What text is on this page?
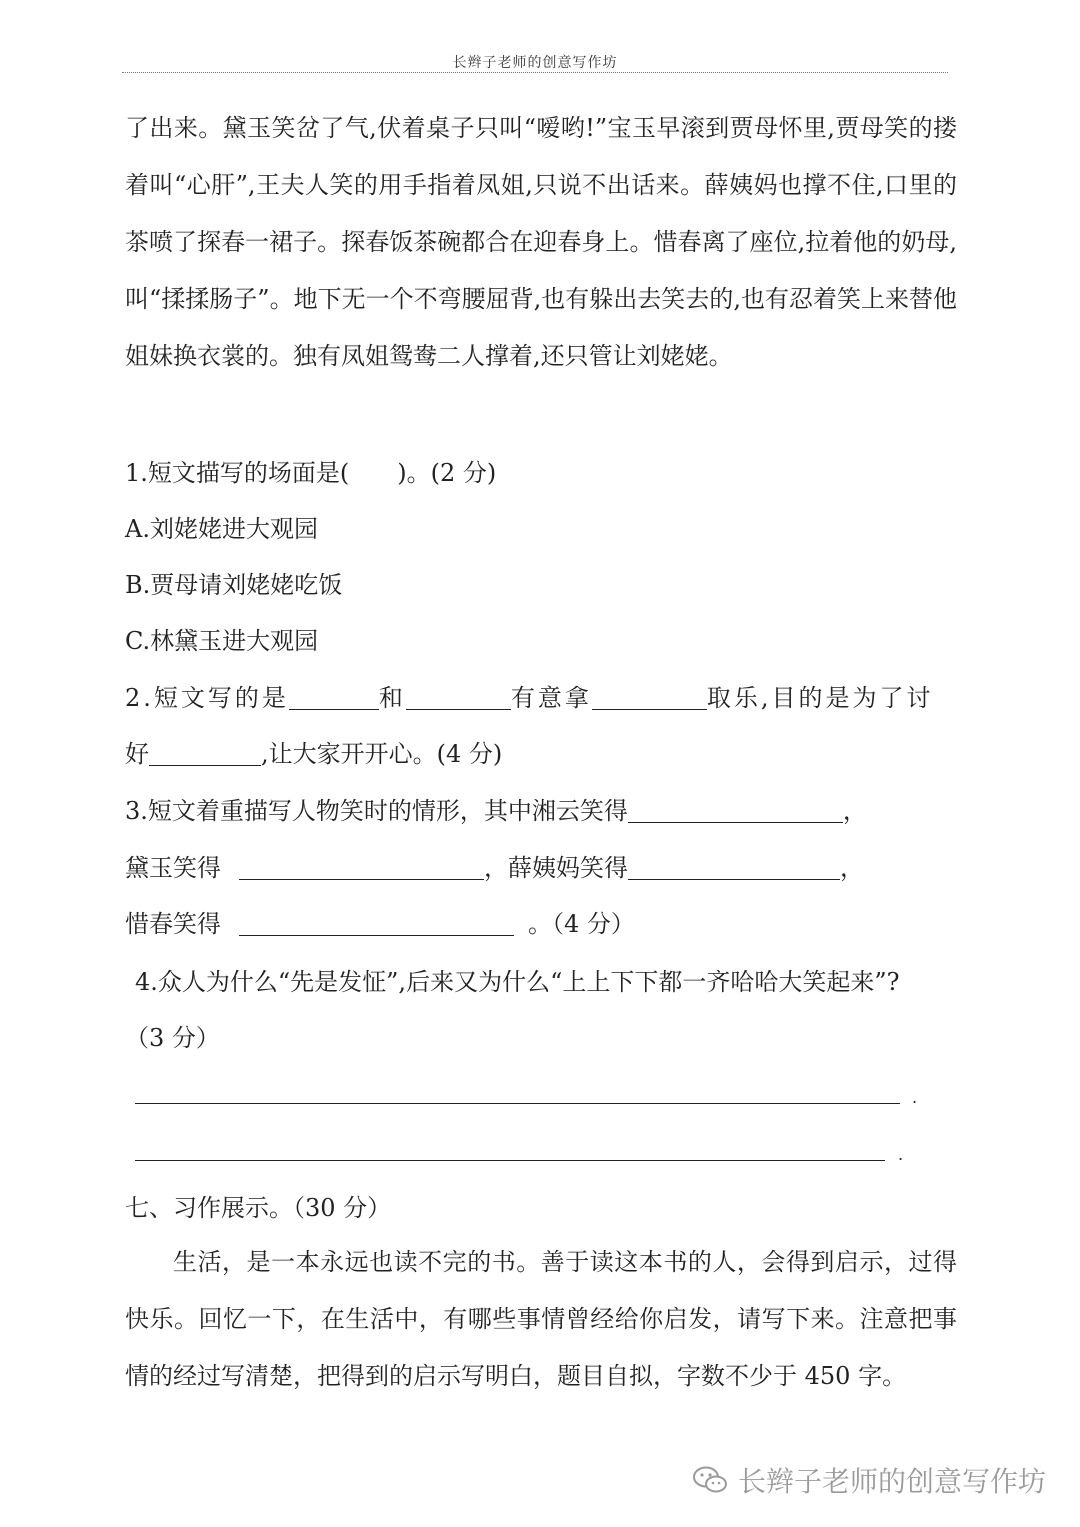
长辫子老师的创意写作坊

了出来。黛玉笑岔了气,伏着桌子只叫“嗳哟!”宝玉早滚到贾母怀里,贾母笑的搂着叫“心肝”,王夫人笑的用手指着凤姐,只说不出话来。薛姨妈也撑不住,口里的茶喷了探春一裙子。探春饭茶碗都合在迎春身上。惜春离了座位,拉着他的奶母,叫“揉揉肠子”。地下无一个不弯腰屈背,也有躲出去笑去的,也有忍着笑上来替他姐妹换衣裳的。独有凤姐鸳鸯二人撑着,还只管让刘姥姥。

1.短文描写的场面是(　　)。(2 分)
A.刘姥姥进大观园
B.贾母请刘姥姥吃饭
C.林黛玉进大观园
2.短文写的是	和	有意拿	取乐,目的是为了讨
好	,让大家开开心。(4 分)
3.短文着重描写人物笑时的情形，其中湘云笑得	，
黛玉笑得	，薛姨妈笑得	，
惜春笑得	。（4 分）
4.众人为什么“先是发怔”,后来又为什么“上上下下都一齐哈哈大笑起来”?
（3 分）
.
.
七、习作展示。（30 分）

生活，是一本永远也读不完的书。善于读这本书的人，会得到启示，过得快乐。回忆一下，在生活中，有哪些事情曾经给你启发，请写下来。注意把事情的经过写清楚，把得到的启示写明白，题目自拟，字数不少于 450 字。

长辫子老师的创意写作坊
